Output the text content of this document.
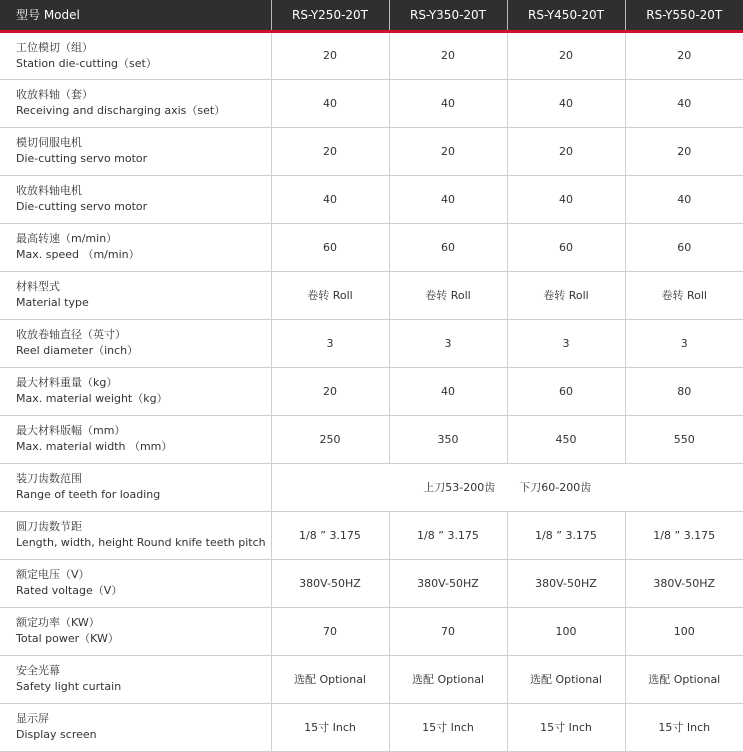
型号 Model	RS-Y250-20T	RS-Y350-20T	RS-Y450-20T	RS-Y550-20T

工位模切（组）
Station die-cutting（set）	20	20	20	20

收放料轴（套）
Receiving and discharging axis（set）	40	40	40	40

模切伺服电机
Die-cutting servo motor	20	20	20	20

收放料轴电机
Die-cutting servo motor	40	40	40	40

最高转速（m/min）
Max. speed （m/min）	60	60	60	60

材料型式
Material type	卷转 Roll	卷转 Roll	卷转 Roll	卷转 Roll

收放卷轴直径（英寸）
Reel diameter（inch）	3	3	3	3

最大材料重量（kg）
Max. material weight（kg）	20	40	60	80

最大材料版幅（mm）
Max. material width （mm）	250	350	450	550

装刀齿数范围
Range of teeth for loading	上刀53-200齿 下刀60-200齿			

圆刀齿数节距
Length, width, height Round knife teeth pitch	1/8 ” 3.175	1/8 ” 3.175	1/8 ” 3.175	1/8 ” 3.175

额定电压（V）
Rated voltage（V）	380V-50HZ	380V-50HZ	380V-50HZ	380V-50HZ

额定功率（KW）
Total power（KW）	70	70	100	100

安全光幕
Safety light curtain	选配 Optional	选配 Optional	选配 Optional	选配 Optional

显示屏
Display screen	15寸 Inch	15寸 Inch	15寸 Inch	15寸 Inch
